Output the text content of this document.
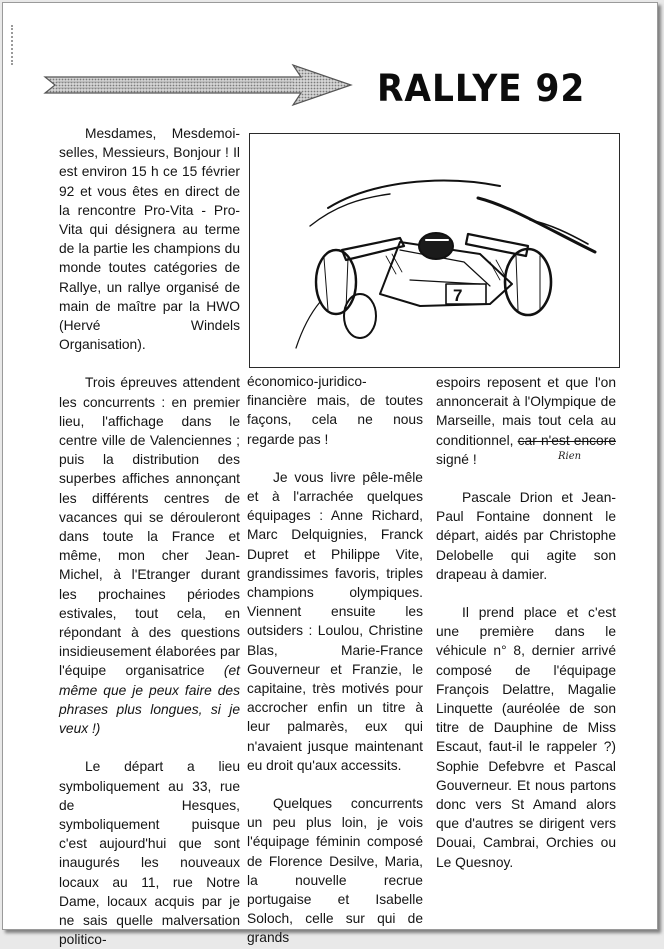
RALLYE 92

Mesdames, Mesdemoi-selles, Messieurs, Bonjour ! Il est environ 15 h ce 15 février 92 et vous êtes en direct de la rencontre Pro-Vita - Pro-Vita qui désignera au terme de la partie les champions du monde toutes catégories de Rallye, un rallye organisé de main de maître par la HWO (Hervé Windels Organisation).

Trois épreuves attendent les concurrents : en premier lieu, l'affichage dans le centre ville de Valenciennes ; puis la distribution des superbes affiches annonçant les différents centres de vacances qui se dérouleront dans toute la France et même, mon cher Jean-Michel, à l'Etranger durant les prochaines périodes estivales, tout cela, en répondant à des questions insidieusement élaborées par l'équipe organisatrice (et même que je peux faire des phrases plus longues, si je veux !)

Le départ a lieu symboliquement au 33, rue de Hesques, symboliquement puisque c'est aujourd'hui que sont inaugurés les nouveaux locaux au 11, rue Notre Dame, locaux acquis par je ne sais quelle malversation politico-

7

économico-juridico-financière mais, de toutes façons, cela ne nous regarde pas !

Je vous livre pêle-mêle et à l'arrachée quelques équipages : Anne Richard, Marc Delquignies, Franck Dupret et Philippe Vite, grandissimes favoris, triples champions olympiques. Viennent ensuite les outsiders : Loulou, Christine Blas, Marie-France Gouverneur et Franzie, le capitaine, très motivés pour accrocher enfin un titre à leur palmarès, eux qui n'avaient jusque maintenant eu droit qu'aux accessits.

Quelques concurrents un peu plus loin, je vois l'équipage féminin composé de Florence Desilve, Maria, la nouvelle recrue portugaise et Isabelle Soloch, celle sur qui de grands

espoirs reposent et que l'on annoncerait à l'Olympique de Marseille, mais tout cela au conditionnel, car n'est encore signé !

Pascale Drion et Jean-Paul Fontaine donnent le départ, aidés par Christophe Delobelle qui agite son drapeau à damier.

Il prend place et c'est une première dans le véhicule n° 8, dernier arrivé composé de l'équipage François Delattre, Magalie Linquette (auréolée de son titre de Dauphine de Miss Escaut, faut-il le rappeler ?) Sophie Defebvre et Pascal Gouverneur. Et nous partons donc vers St Amand alors que d'autres se dirigent vers Douai, Cambrai, Orchies ou Le Quesnoy.

Rien
